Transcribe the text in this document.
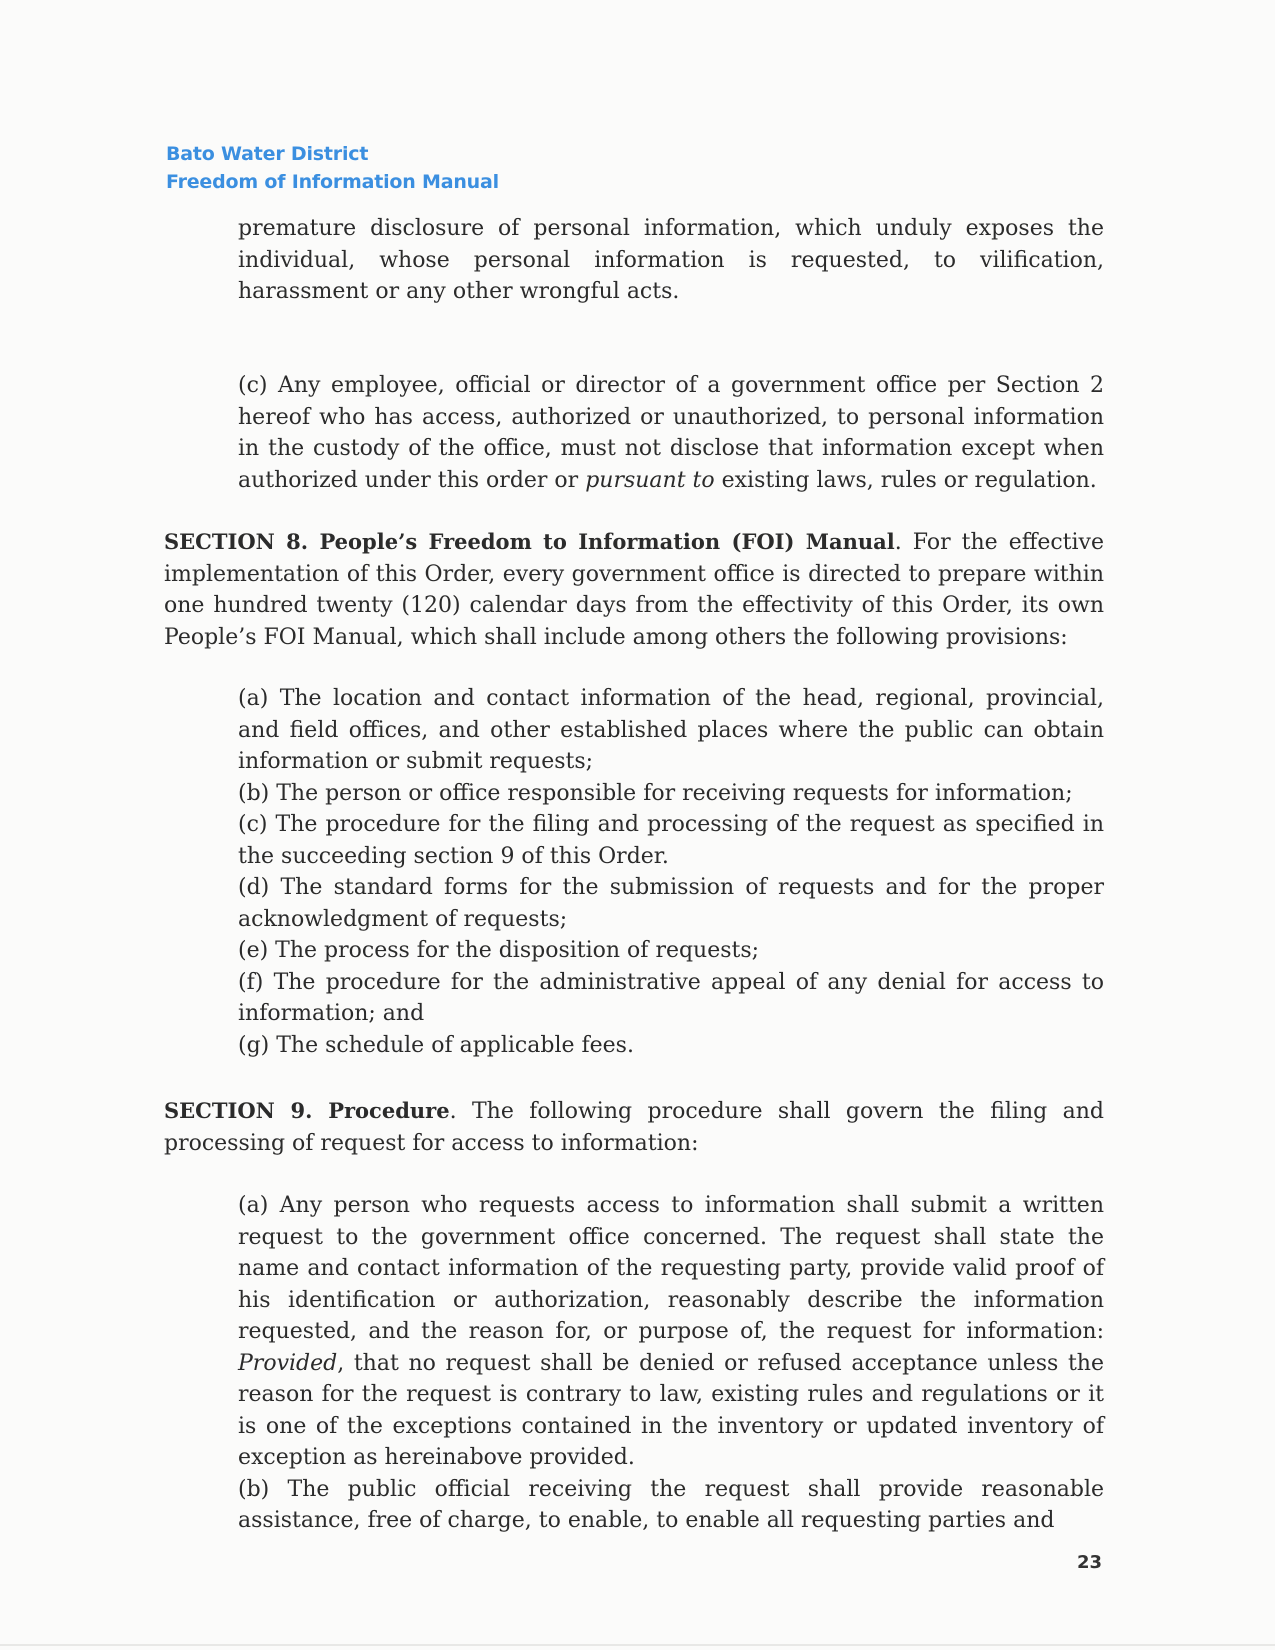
Bato Water District
Freedom of Information Manual

premature disclosure of personal information, which unduly exposes the individual, whose personal information is requested, to vilification, harassment or any other wrongful acts.

(c) Any employee, official or director of a government office per Section 2 hereof who has access, authorized or unauthorized, to personal information in the custody of the office, must not disclose that information except when authorized under this order or pursuant to existing laws, rules or regulation.

SECTION 8. People’s Freedom to Information (FOI) Manual. For the effective implementation of this Order, every government office is directed to prepare within one hundred twenty (120) calendar days from the effectivity of this Order, its own People’s FOI Manual, which shall include among others the following provisions:

(a) The location and contact information of the head, regional, provincial, and field offices, and other established places where the public can obtain information or submit requests;

(b) The person or office responsible for receiving requests for information;

(c) The procedure for the filing and processing of the request as specified in the succeeding section 9 of this Order.

(d) The standard forms for the submission of requests and for the proper acknowledgment of requests;

(e) The process for the disposition of requests;

(f) The procedure for the administrative appeal of any denial for access to information; and

(g) The schedule of applicable fees.

SECTION 9. Procedure. The following procedure shall govern the filing and processing of request for access to information:

(a) Any person who requests access to information shall submit a written request to the government office concerned. The request shall state the name and contact information of the requesting party, provide valid proof of his identification or authorization, reasonably describe the information requested, and the reason for, or purpose of, the request for information: Provided, that no request shall be denied or refused acceptance unless the reason for the request is contrary to law, existing rules and regulations or it is one of the exceptions contained in the inventory or updated inventory of exception as hereinabove provided.

(b) The public official receiving the request shall provide reasonable assistance, free of charge, to enable, to enable all requesting parties and

23
